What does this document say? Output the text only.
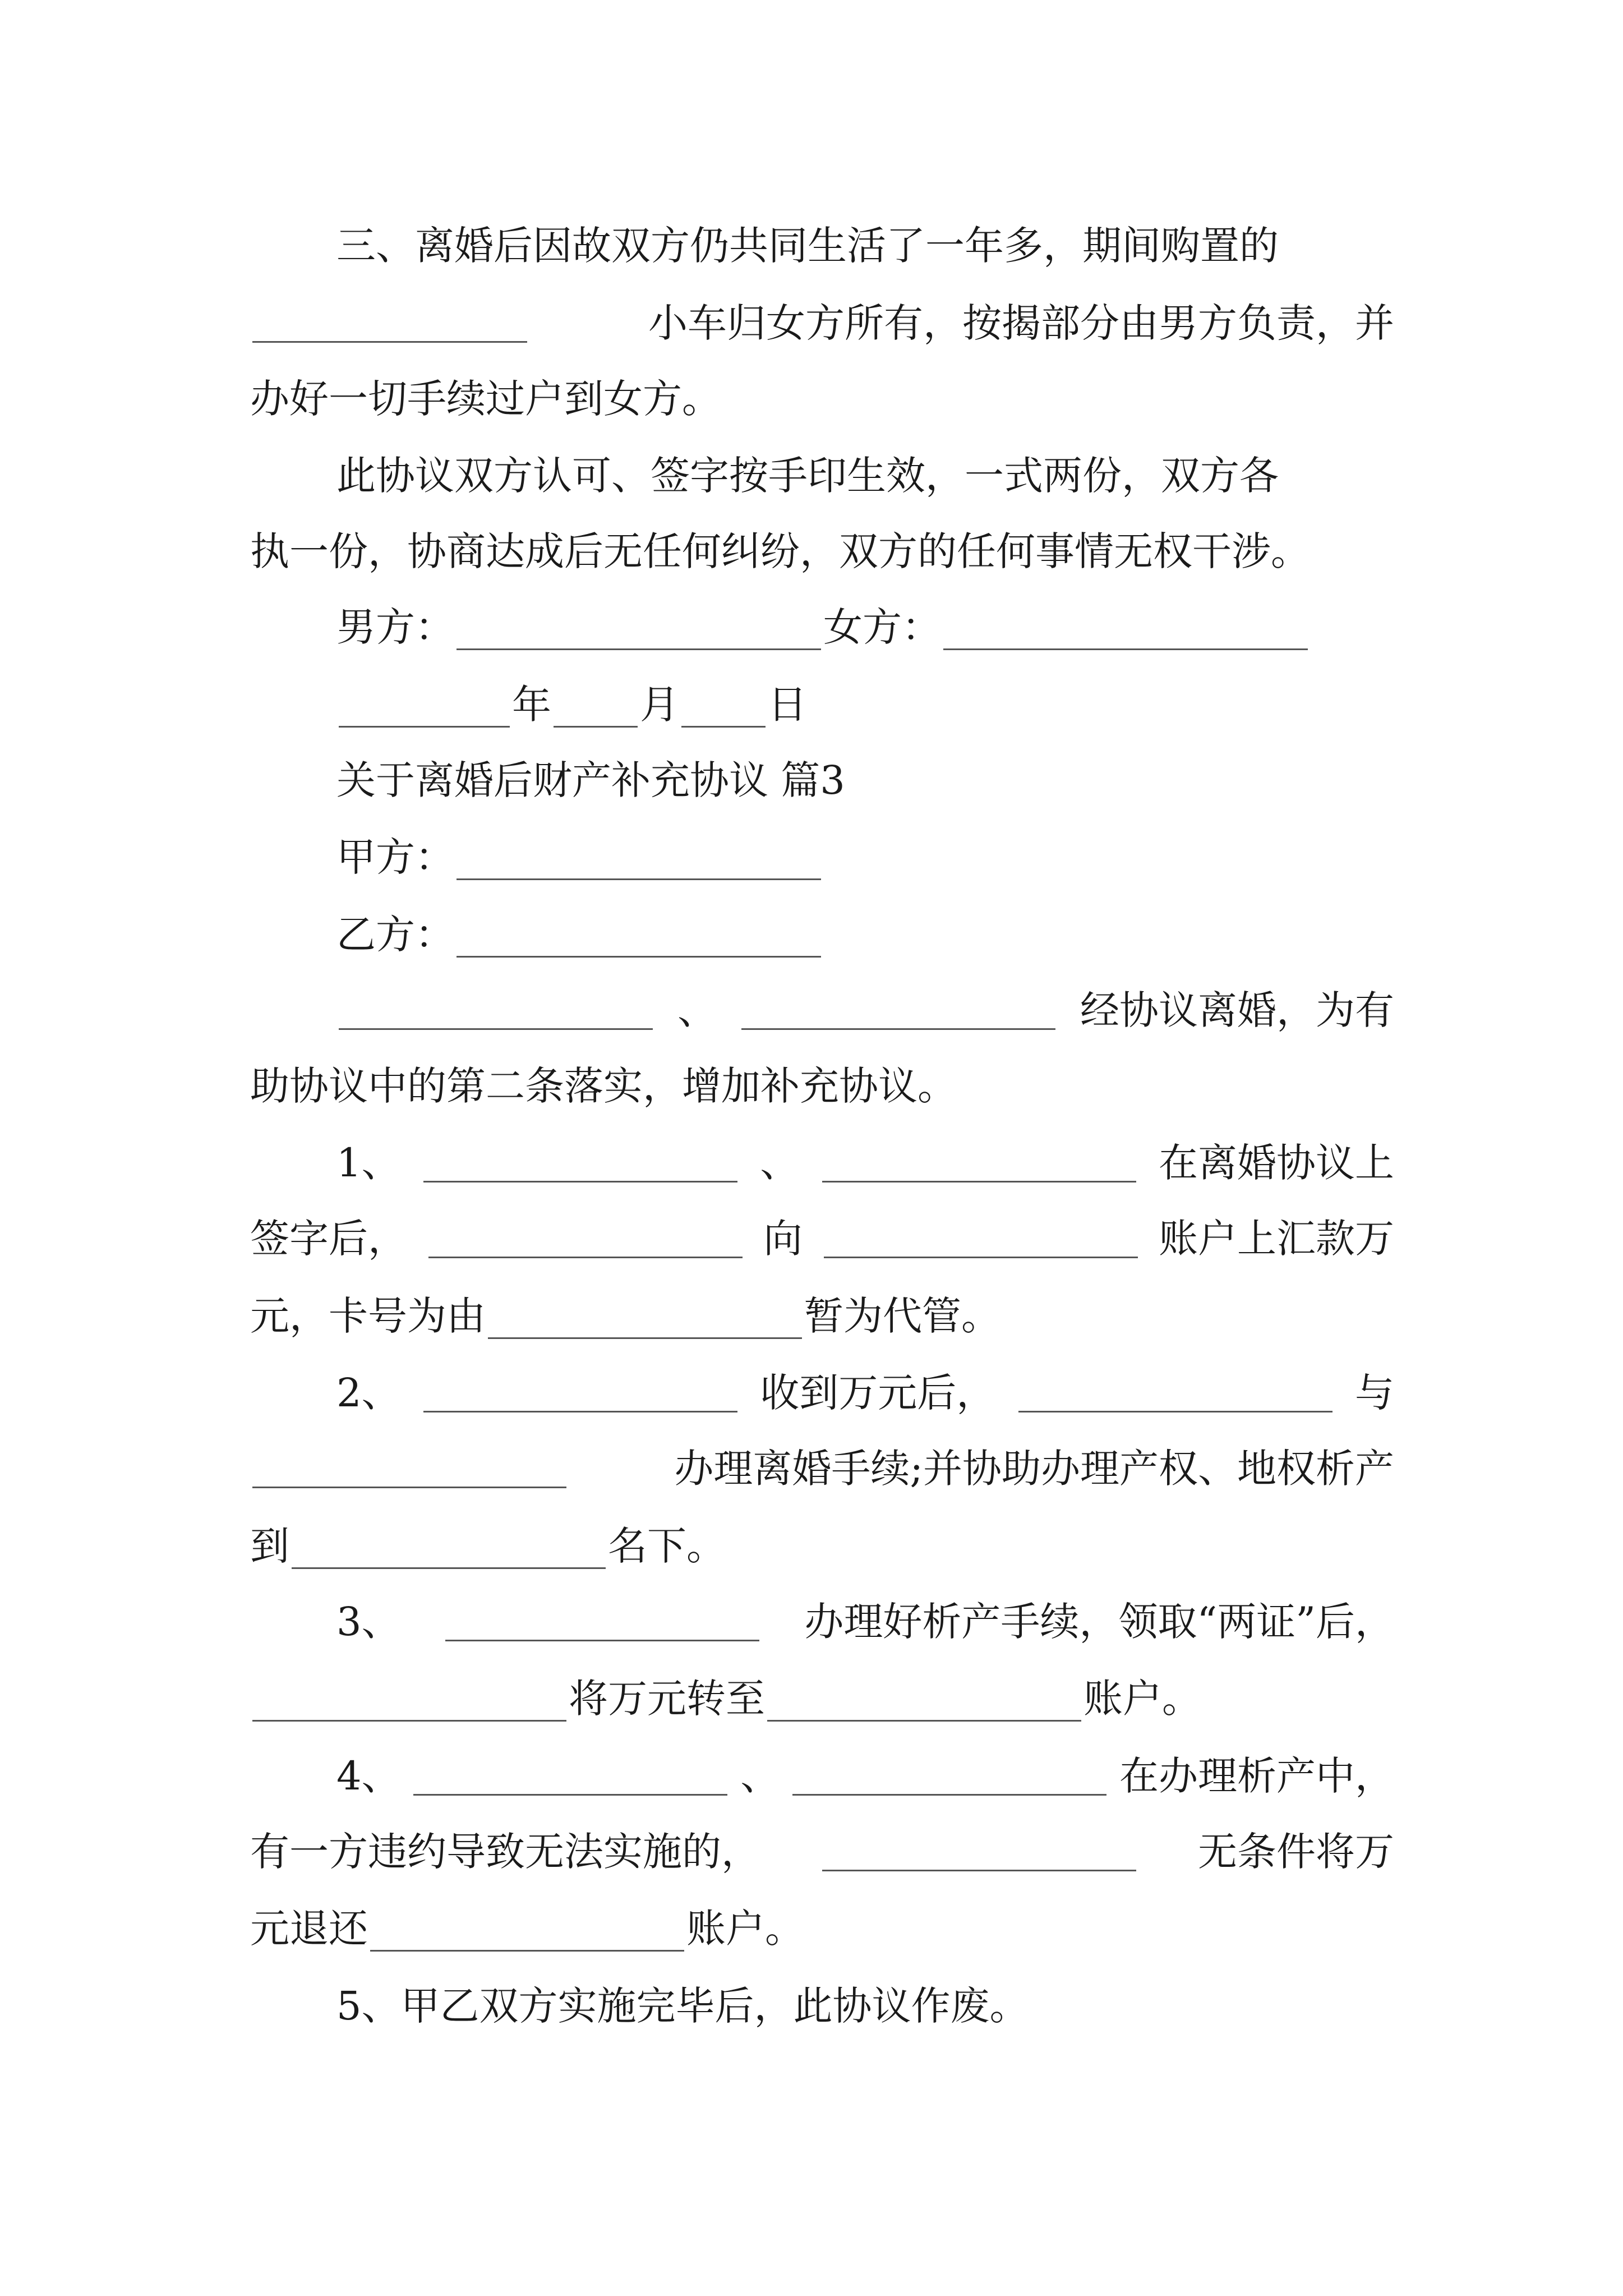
三、离婚后因故双方仍共同生活了一年多，期间购置的
小车归女方所有，按揭部分由男方负责，并
办好一切手续过户到女方。
此协议双方认可、签字按手印生效，一式两份，双方各
执一份，协商达成后无任何纠纷，双方的任何事情无权干涉。
男方：	女方：
年 月 日
关于离婚后财产补充协议 篇3
甲方：
乙方：
、	经协议离婚，为有
助协议中的第二条落实，增加补充协议。
1、	、	在离婚协议上
签字后，	向	账户上汇款万
元，卡号为由	暂为代管。
2、	收到万元后，	与
办理离婚手续;并协助办理产权、地权析产
到	名下。
3、	办理好析产手续，领取“两证”后，
将万元转至	账户。
4、	、	在办理析产中，
有一方违约导致无法实施的，	无条件将万
元退还	账户。
5、甲乙双方实施完毕后，此协议作废。
